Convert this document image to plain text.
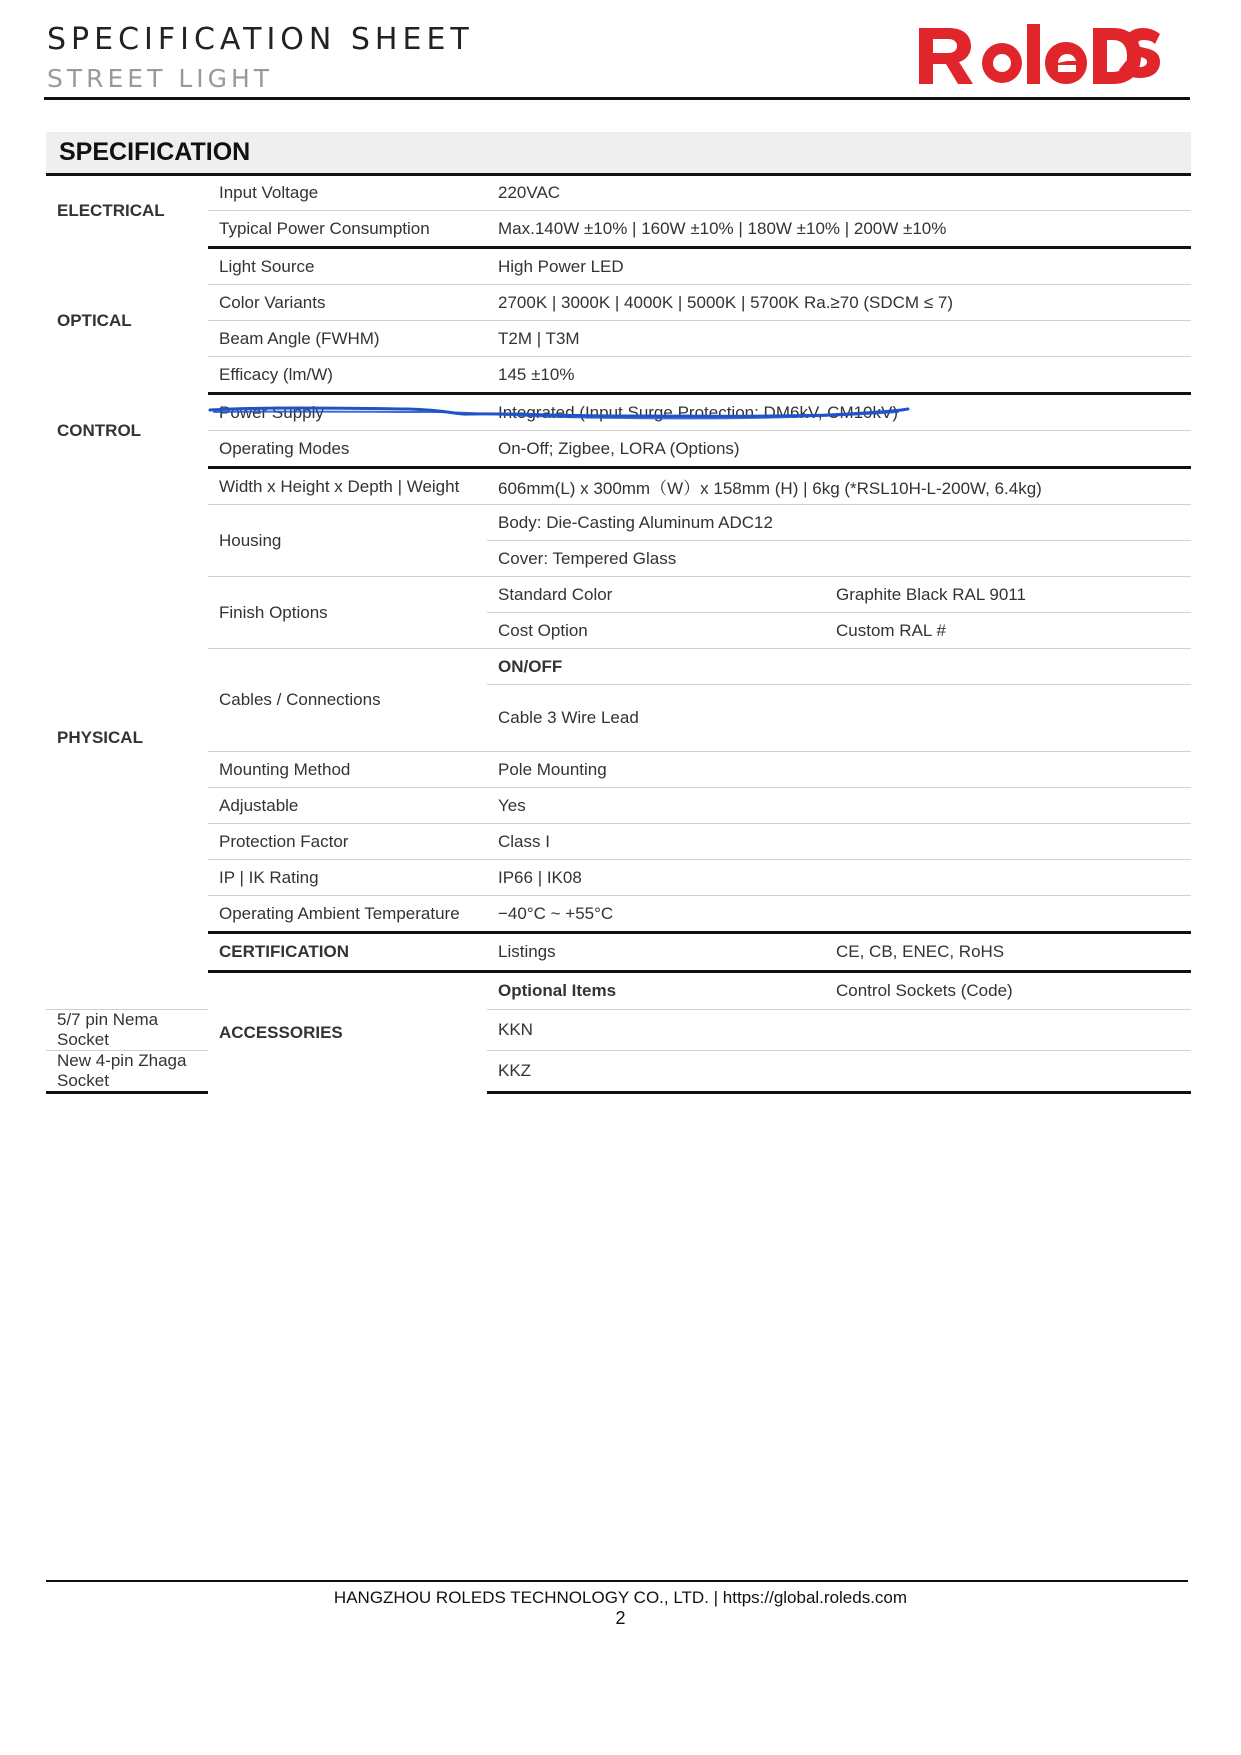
SPECIFICATION SHEET
STREET LIGHT
SPECIFICATION
ELECTRICAL	Input Voltage	220VAC	
	Typical Power Consumption	Max.140W ±10% | 160W ±10% | 180W ±10% | 200W ±10%	
OPTICAL	Light Source	High Power LED	
	Color Variants	2700K | 3000K | 4000K | 5000K | 5700K Ra.≥70 (SDCM ≤ 7)	
	Beam Angle (FWHM)	T2M | T3M	
	Efficacy (lm/W)	145 ±10%	
CONTROL	Power Supply	Integrated (Input Surge Protection: DM6kV, CM10kV)	
	Operating Modes	On-Off; Zigbee, LORA (Options)	
PHYSICAL	Width x Height x Depth | Weight	606mm(L) x 300mm（W）x 158mm (H) | 6kg (*RSL10H-L-200W, 6.4kg)	
	Housing	Body: Die-Casting Aluminum ADC12	
		Cover: Tempered Glass	
	Finish Options	Standard Color	Graphite Black RAL 9011
		Cost Option	Custom RAL #
	Cables / Connections	ON/OFF	
		Cable 3 Wire Lead	
	Mounting Method	Pole Mounting	
	Adjustable	Yes	
	Protection Factor	Class I	
	IP | IK Rating	IP66 | IK08	
	Operating Ambient Temperature	−40°C ~ +55°C	
	CERTIFICATION	Listings	CE, CB, ENEC, RoHS
	ACCESSORIES	Optional Items	Control Sockets (Code)
5/7 pin Nema Socket		KKN	
New 4-pin Zhaga Socket		KKZ	
HANGZHOU ROLEDS TECHNOLOGY CO., LTD. | https://global.roleds.com
2
